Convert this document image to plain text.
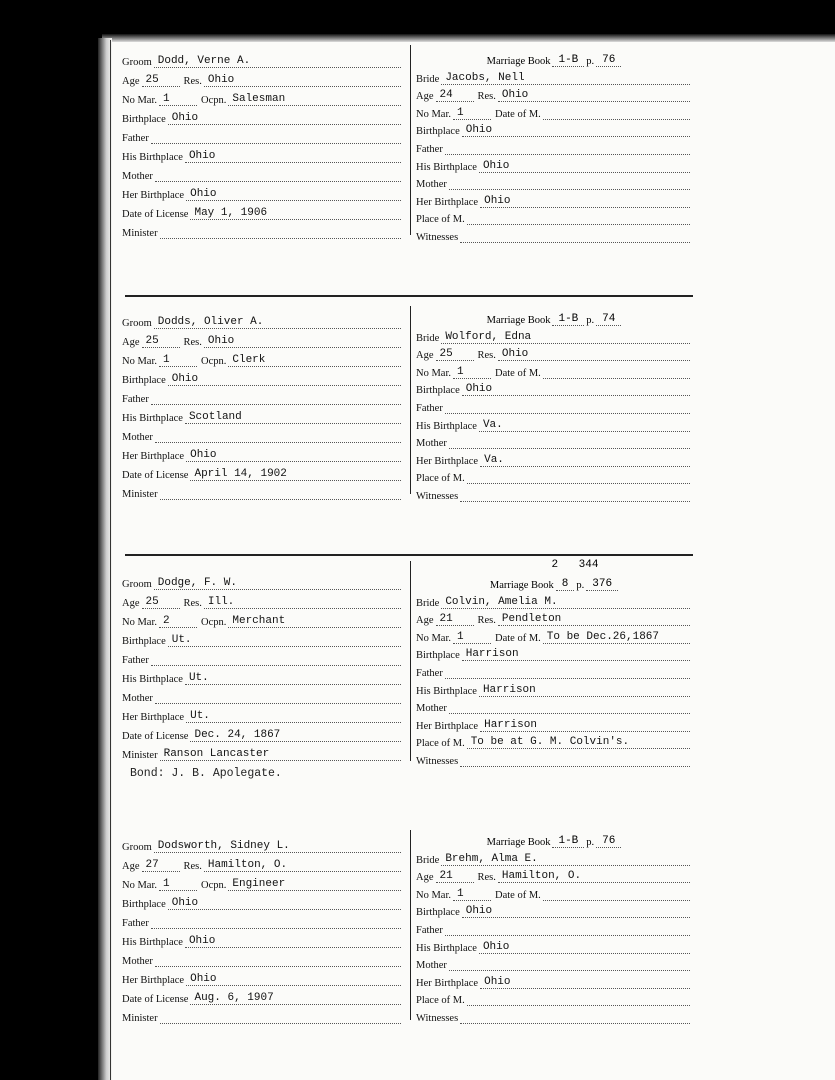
Groom Dodd, Verne A.
Age 25	Res. Ohio
No Mar. 1	Ocpn. Salesman
Birthplace Ohio
Father
His Birthplace Ohio
Mother
Her Birthplace Ohio
Date of License May 1, 1906
Minister
Marriage Book 1-B p. 76
Bride Jacobs, Nell
Age 24	Res. Ohio
No Mar. 1	Date of M.
Birthplace Ohio
Father
His Birthplace Ohio
Mother
Her Birthplace Ohio
Place of M.
Witnesses
Groom Dodds, Oliver A.
Age 25	Res. Ohio
No Mar. 1	Ocpn. Clerk
Birthplace Ohio
Father
His Birthplace Scotland
Mother
Her Birthplace Ohio
Date of License April 14, 1902
Minister
Marriage Book 1-B p. 74
Bride Wolford, Edna
Age 25	Res. Ohio
No Mar. 1	Date of M.
Birthplace Ohio
Father
His Birthplace Va.
Mother
Her Birthplace Va.
Place of M.
Witnesses
Groom Dodge, F. W.
Age 25	Res. Ill.
No Mar. 2	Ocpn. Merchant
Birthplace Ut.
Father
His Birthplace Ut.
Mother
Her Birthplace Ut.
Date of License Dec. 24, 1867
Minister Ranson Lancaster
2 344
Marriage Book 8 p. 376
Bride Colvin, Amelia M.
Age 21	Res. Pendleton
No Mar. 1	Date of M. To be Dec.26,1867
Birthplace Harrison
Father
His Birthplace Harrison
Mother
Her Birthplace Harrison
Place of M. To be at G. M. Colvin's.
Witnesses
Bond: J. B. Apolegate.
Groom Dodsworth, Sidney L.
Age 27	Res. Hamilton, O.
No Mar. 1	Ocpn. Engineer
Birthplace Ohio
Father
His Birthplace Ohio
Mother
Her Birthplace Ohio
Date of License Aug. 6, 1907
Minister
Marriage Book 1-B p. 76
Bride Brehm, Alma E.
Age 21	Res. Hamilton, O.
No Mar. 1	Date of M.
Birthplace Ohio
Father
His Birthplace Ohio
Mother
Her Birthplace Ohio
Place of M.
Witnesses
